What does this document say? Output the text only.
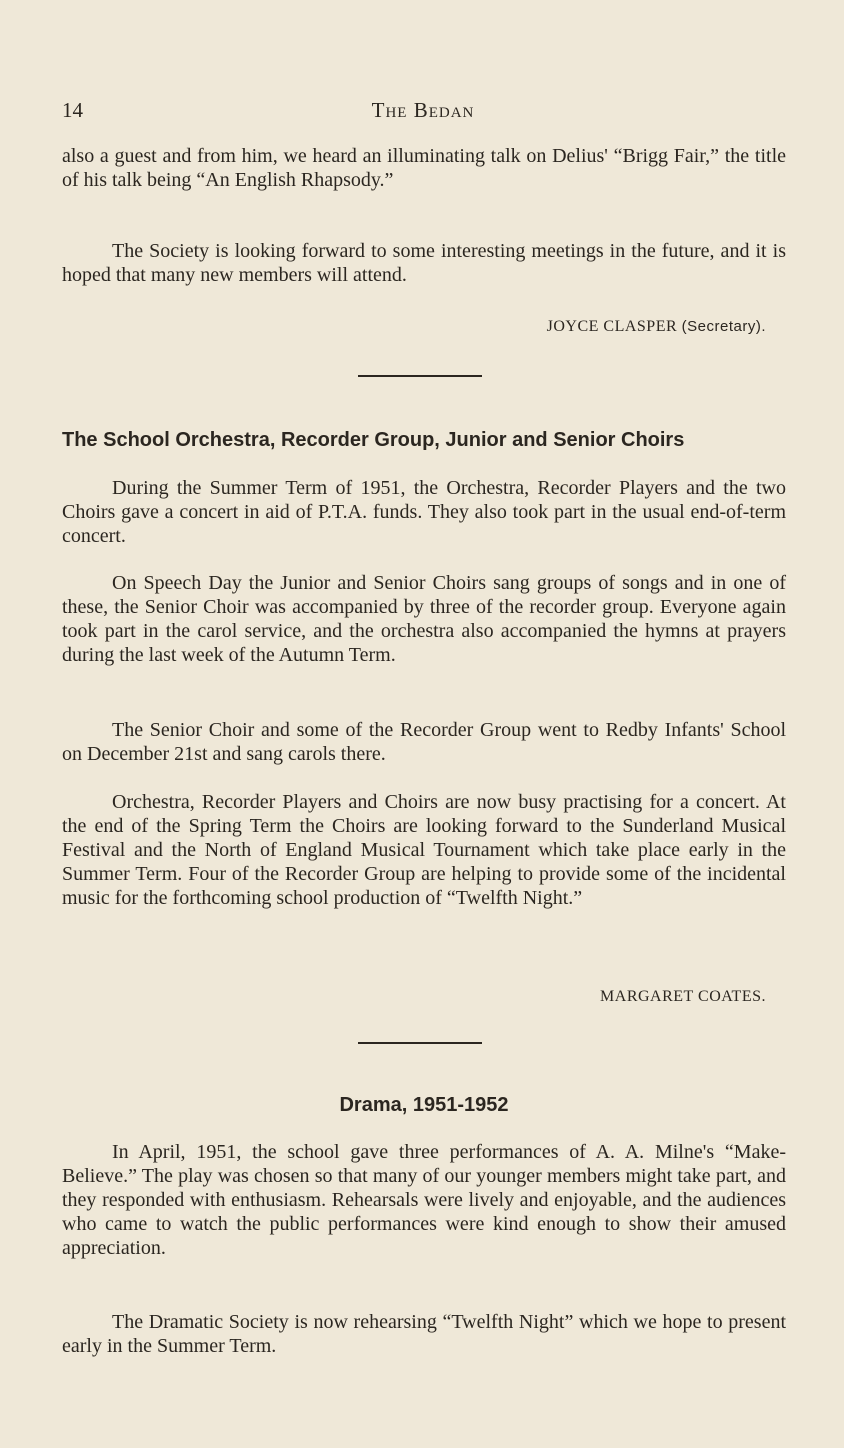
14	The Bedan

also a guest and from him, we heard an illuminating talk on Delius' “Brigg Fair,” the title of his talk being “An English Rhapsody.”

The Society is looking forward to some interesting meetings in the future, and it is hoped that many new members will attend.

JOYCE CLASPER (Secretary).

The School Orchestra, Recorder Group, Junior and Senior Choirs

During the Summer Term of 1951, the Orchestra, Recorder Players and the two Choirs gave a concert in aid of P.T.A. funds. They also took part in the usual end-of-term concert.

On Speech Day the Junior and Senior Choirs sang groups of songs and in one of these, the Senior Choir was accompanied by three of the recorder group. Everyone again took part in the carol service, and the orchestra also accompanied the hymns at prayers during the last week of the Autumn Term.

The Senior Choir and some of the Recorder Group went to Redby Infants' School on December 21st and sang carols there.

Orchestra, Recorder Players and Choirs are now busy practising for a concert. At the end of the Spring Term the Choirs are looking forward to the Sunderland Musical Festival and the North of England Musical Tournament which take place early in the Summer Term. Four of the Recorder Group are helping to provide some of the incidental music for the forthcoming school production of “Twelfth Night.”

MARGARET COATES.

Drama, 1951-1952

In April, 1951, the school gave three performances of A. A. Milne's “Make-Believe.” The play was chosen so that many of our younger members might take part, and they responded with enthusiasm. Rehearsals were lively and enjoyable, and the audiences who came to watch the public performances were kind enough to show their amused appreciation.

The Dramatic Society is now rehearsing “Twelfth Night” which we hope to present early in the Summer Term.
